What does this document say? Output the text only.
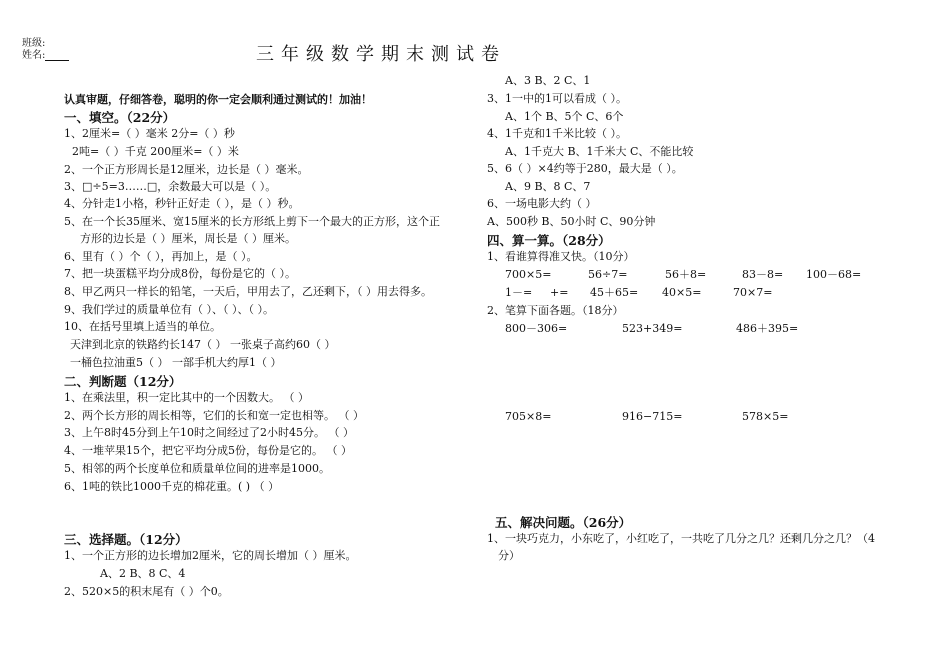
班级:
姓名:	三年级数学期末测试卷
认真审题，仔细答卷，聪明的你一定会顺利通过测试的！加油！
一、填空。（22分）
1、2厘米=（ ）毫米 2分=（ ）秒
2吨=（ ）千克 200厘米=（ ）米
2、一个正方形周长是12厘米，边长是（ ）毫米。
3、□÷5=3……□，余数最大可以是（ ）。
4、分针走1小格，秒针正好走（ ），是（ ）秒。
5、在一个长35厘米、宽15厘米的长方形纸上剪下一个最大的正方形，这个正
方形的边长是（ ）厘米，周长是（ ）厘米。
6、里有（ ）个（ ），再加上，是（ ）。
7、把一块蛋糕平均分成8份，每份是它的（ ）。
8、甲乙两只一样长的铅笔，一天后，甲用去了，乙还剩下，（ ）用去得多。
9、我们学过的质量单位有（ ）、（ ）、（ ）。
10、在括号里填上适当的单位。
天津到北京的铁路约长147（ ） 一张桌子高约60（ ）
一桶色拉油重5（ ） 一部手机大约厚1（ ）
二、判断题（12分）
1、在乘法里，积一定比其中的一个因数大。 （ ）
2、两个长方形的周长相等，它们的长和宽一定也相等。 （ ）
3、上午8时45分到上午10时之间经过了2小时45分。 （ ）
4、一堆苹果15个，把它平均分成5份，每份是它的。 （ ）
5、相邻的两个长度单位和质量单位间的进率是1000。
6、1吨的铁比1000千克的棉花重。( ) （ ）
三、选择题。（12分）
1、一个正方形的边长增加2厘米，它的周长增加（ ）厘米。
A、2 B、8 C、4
2、520×5的积末尾有（ ）个0。
A、3 B、2 C、1
3、1一中的1可以看成（ ）。
A、1个 B、5个 C、6个
4、1千克和1千米比较（ ）。
A、1千克大 B、1千米大 C、不能比较
5、6（ ）×4约等于280，最大是（ ）。
A、9 B、8 C、7
6、一场电影大约（ ）
A、500秒 B、50小时 C、90分钟
四、算一算。（28分）
1、看谁算得准又快。（10分）
700×5=	56÷7=	56＋8=	83－8= 100－68=
1－= += 45＋65= 40×5=	70×7=
2、笔算下面各题。（18分）
800－306=	523+349=	486＋395=
705×8=	916−715=	578×5=
五、解决问题。（26分）
1、一块巧克力，小东吃了，小红吃了，一共吃了几分之几？还剩几分之几？（4
分）
